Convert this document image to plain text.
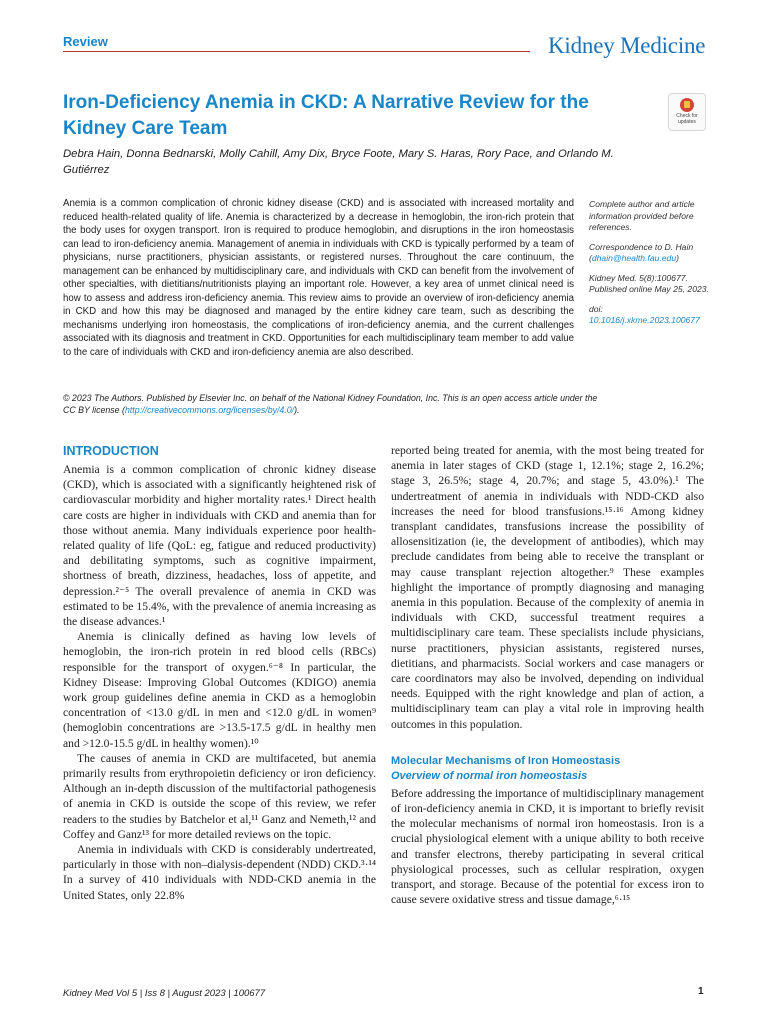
Review	Kidney Medicine
Iron-Deficiency Anemia in CKD: A Narrative Review for the Kidney Care Team
Check for updates
Debra Hain, Donna Bednarski, Molly Cahill, Amy Dix, Bryce Foote, Mary S. Haras, Rory Pace, and Orlando M. Gutiérrez
Anemia is a common complication of chronic kidney disease (CKD) and is associated with increased mortality and reduced health-related quality of life. Anemia is characterized by a decrease in hemoglobin, the iron-rich protein that the body uses for oxygen transport. Iron is required to produce hemoglobin, and disruptions in the iron homeostasis can lead to iron-deficiency anemia. Management of anemia in individuals with CKD is typically performed by a team of physicians, nurse practitioners, physician assistants, or registered nurses. Throughout the care continuum, the management can be enhanced by multidisciplinary care, and individuals with CKD can benefit from the involvement of other specialties, with dietitians/nutritionists playing an important role. However, a key area of unmet clinical need is how to assess and address iron-deficiency anemia. This review aims to provide an overview of iron-deficiency anemia in CKD and how this may be diagnosed and managed by the entire kidney care team, such as describing the mechanisms underlying iron homeostasis, the complications of iron-deficiency anemia, and the current challenges associated with its diagnosis and treatment in CKD. Opportunities for each multidisciplinary team member to add value to the care of individuals with CKD and iron-deficiency anemia are also described.

Complete author and article information provided before references.

Correspondence to D. Hain (dhain@health.fau.edu)

Kidney Med. 5(8):100677. Published online May 25, 2023.

doi: 10.1016/j.xkme.2023.100677

© 2023 The Authors. Published by Elsevier Inc. on behalf of the National Kidney Foundation, Inc. This is an open access article under the CC BY license (http://creativecommons.org/licenses/by/4.0/).
INTRODUCTION

Anemia is a common complication of chronic kidney disease (CKD), which is associated with a significantly heightened risk of cardiovascular morbidity and higher mortality rates.¹ Direct health care costs are higher in individuals with CKD and anemia than for those without anemia. Many individuals experience poor health-related quality of life (QoL: eg, fatigue and reduced productivity) and debilitating symptoms, such as cognitive impairment, shortness of breath, dizziness, headaches, loss of appetite, and depression.²⁻⁵ The overall prevalence of anemia in CKD was estimated to be 15.4%, with the prevalence of anemia increasing as the disease advances.¹

Anemia is clinically defined as having low levels of hemoglobin, the iron-rich protein in red blood cells (RBCs) responsible for the transport of oxygen.⁶⁻⁸ In particular, the Kidney Disease: Improving Global Outcomes (KDIGO) anemia work group guidelines define anemia in CKD as a hemoglobin concentration of <13.0 g/dL in men and <12.0 g/dL in women⁹ (hemoglobin concentrations are >13.5-17.5 g/dL in healthy men and >12.0-15.5 g/dL in healthy women).¹⁰

The causes of anemia in CKD are multifaceted, but anemia primarily results from erythropoietin deficiency or iron deficiency. Although an in-depth discussion of the multifactorial pathogenesis of anemia in CKD is outside the scope of this review, we refer readers to the studies by Batchelor et al,¹¹ Ganz and Nemeth,¹² and Coffey and Ganz¹³ for more detailed reviews on the topic.

Anemia in individuals with CKD is considerably undertreated, particularly in those with non–dialysis-dependent (NDD) CKD.³·¹⁴ In a survey of 410 individuals with NDD-CKD anemia in the United States, only 22.8%

reported being treated for anemia, with the most being treated for anemia in later stages of CKD (stage 1, 12.1%; stage 2, 16.2%; stage 3, 26.5%; stage 4, 20.7%; and stage 5, 43.0%).¹ The undertreatment of anemia in individuals with NDD-CKD also increases the need for blood transfusions.¹⁵·¹⁶ Among kidney transplant candidates, transfusions increase the possibility of allosensitization (ie, the development of antibodies), which may preclude candidates from being able to receive the transplant or may cause transplant rejection altogether.⁹ These examples highlight the importance of promptly diagnosing and managing anemia in this population. Because of the complexity of anemia in individuals with CKD, successful treatment requires a multidisciplinary care team. These specialists include physicians, nurse practitioners, physician assistants, registered nurses, dietitians, and pharmacists. Social workers and case managers or care coordinators may also be involved, depending on individual needs. Equipped with the right knowledge and plan of action, a multidisciplinary team can play a vital role in improving health outcomes in this population.

Molecular Mechanisms of Iron Homeostasis
Overview of normal iron homeostasis

Before addressing the importance of multidisciplinary management of iron-deficiency anemia in CKD, it is important to briefly revisit the molecular mechanisms of normal iron homeostasis. Iron is a crucial physiological element with a unique ability to both receive and transfer electrons, thereby participating in several critical physiological processes, such as cellular respiration, oxygen transport, and storage. Because of the potential for excess iron to cause severe oxidative stress and tissue damage,⁶·¹⁵

Kidney Med Vol 5 | Iss 8 | August 2023 | 100677	1
